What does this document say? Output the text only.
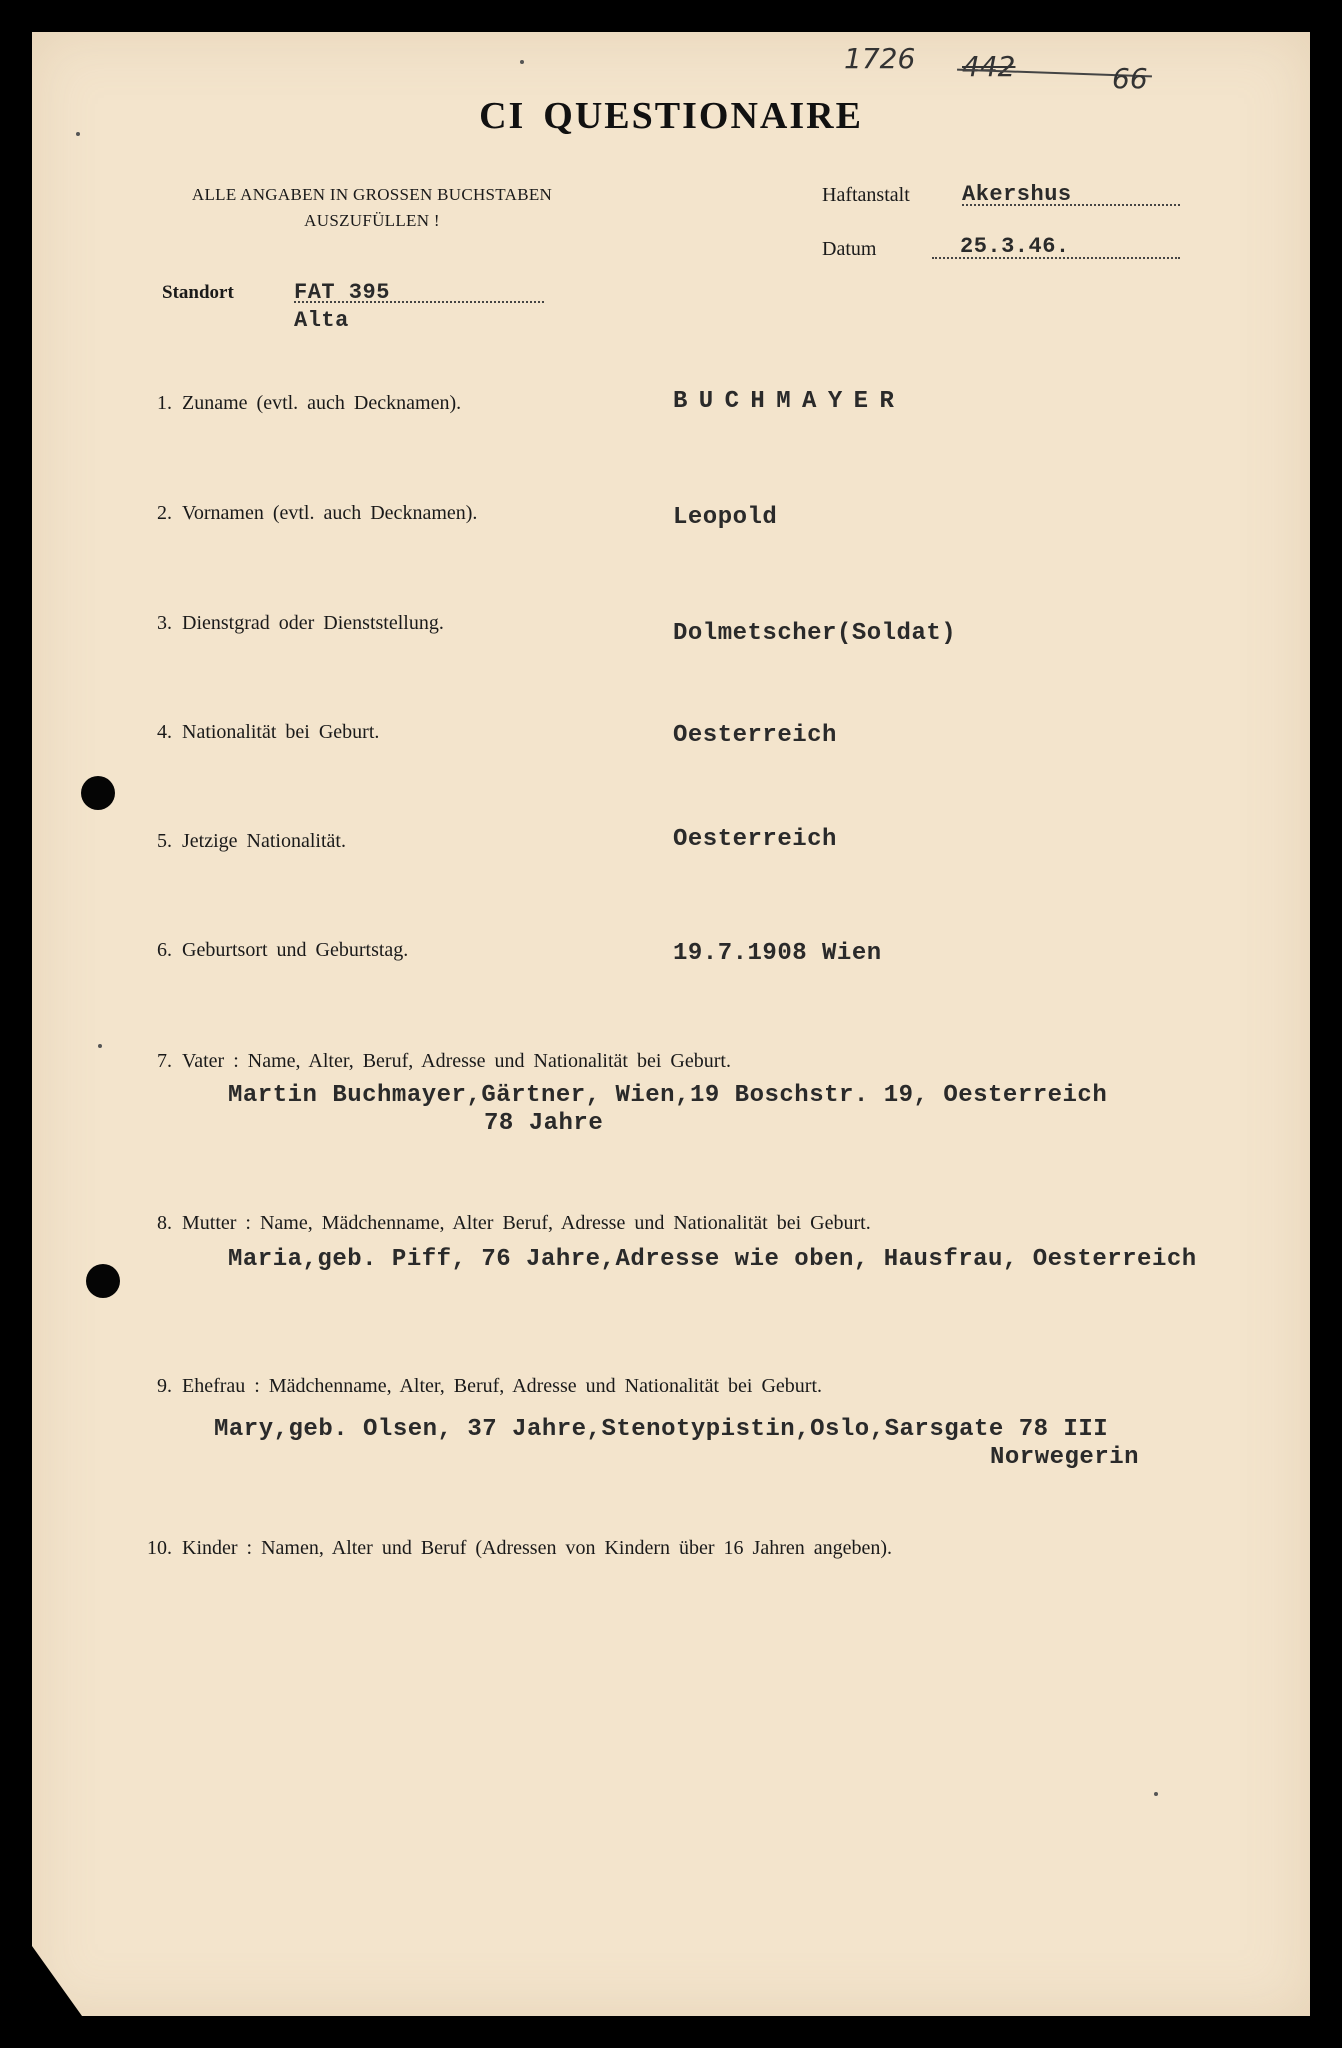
1726 442	66
CI QUESTIONAIRE
ALLE ANGABEN IN GROSSEN BUCHSTABEN
AUSZUFÜLLEN !
Haftanstalt Akershus
Datum	25.3.46.
Standort	FAT 395
Alta
1. Zuname (evtl. auch Decknamen).	B U C H M A Y E R
2. Vornamen (evtl. auch Decknamen).	Leopold
3. Dienstgrad oder Dienststellung.	Dolmetscher(Soldat)
4. Nationalität bei Geburt.	Oesterreich
5. Jetzige Nationalität.	Oesterreich
6. Geburtsort und Geburtstag.	19.7.1908 Wien
7. Vater : Name, Alter, Beruf, Adresse und Nationalität bei Geburt.
Martin Buchmayer,Gärtner, Wien,19 Boschstr. 19, Oesterreich
78 Jahre
8. Mutter : Name, Mädchenname, Alter Beruf, Adresse und Nationalität bei Geburt.
Maria,geb. Piff, 76 Jahre,Adresse wie oben, Hausfrau, Oesterreich
9. Ehefrau : Mädchenname, Alter, Beruf, Adresse und Nationalität bei Geburt.
Mary,geb. Olsen, 37 Jahre,Stenotypistin,Oslo,Sarsgate 78 III
Norwegerin
10. Kinder : Namen, Alter und Beruf (Adressen von Kindern über 16 Jahren angeben).
